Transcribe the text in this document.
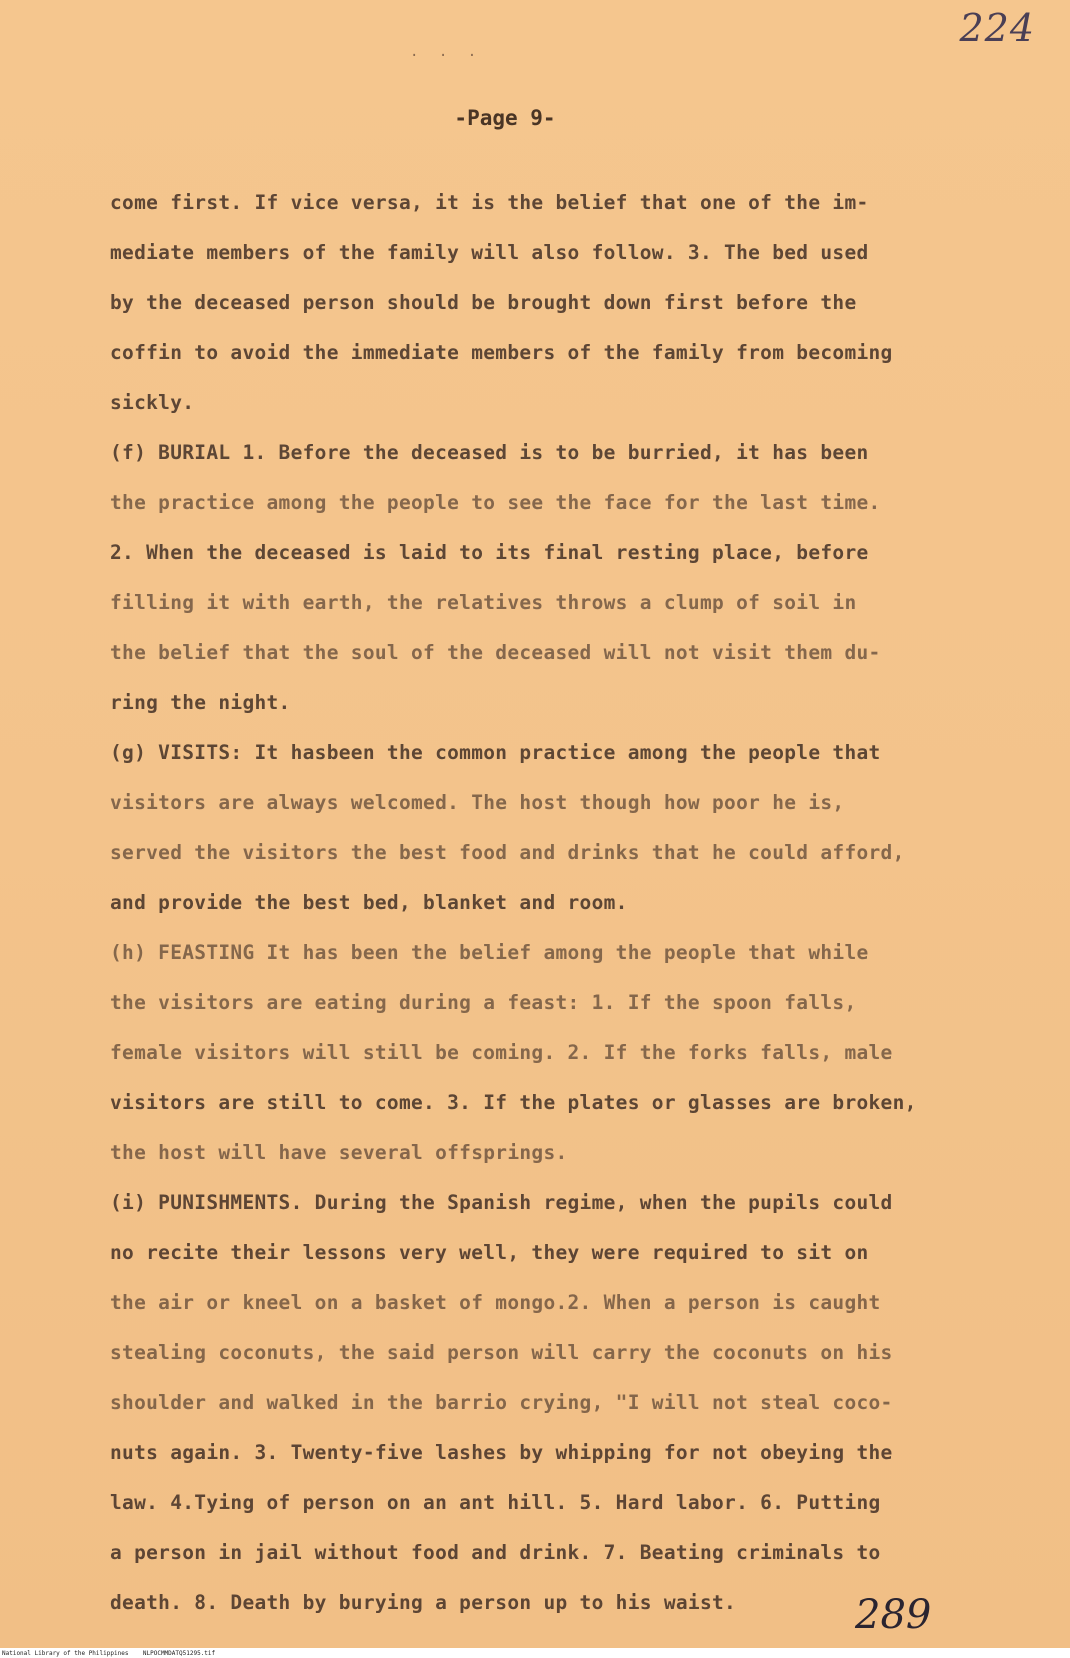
224
· · ·
-Page 9-
come first. If vice versa, it is the belief that one of the im-
mediate members of the family will also follow. 3. The bed used
by the deceased person should be brought down first before the
coffin to avoid the immediate members of the family from becoming
sickly.
(f) BURIAL 1. Before the deceased is to be burried, it has been
the practice among the people to see the face for the last time.
2. When the deceased is laid to its final resting place, before
filling it with earth, the relatives throws a clump of soil in
the belief that the soul of the deceased will not visit them du-
ring the night.
(g) VISITS: It hasbeen the common practice among the people that
visitors are always welcomed. The host though how poor he is,
served the visitors the best food and drinks that he could afford,
and provide the best bed, blanket and room.
(h) FEASTING It has been the belief among the people that while
the visitors are eating during a feast: 1. If the spoon falls,
female visitors will still be coming. 2. If the forks falls, male
visitors are still to come. 3. If the plates or glasses are broken,
the host will have several offsprings.
(i) PUNISHMENTS. During the Spanish regime, when the pupils could
no recite their lessons very well, they were required to sit on
the air or kneel on a basket of mongo.2. When a person is caught
stealing coconuts, the said person will carry the coconuts on his
shoulder and walked in the barrio crying, "I will not steal coco-
nuts again. 3. Twenty-five lashes by whipping for not obeying the
law. 4.Tying of person on an ant hill. 5. Hard labor. 6. Putting
a person in jail without food and drink. 7. Beating criminals to
death. 8. Death by burying a person up to his waist.	289
National Library of the Philippines    NLPOCMMDATQ51295.tif
